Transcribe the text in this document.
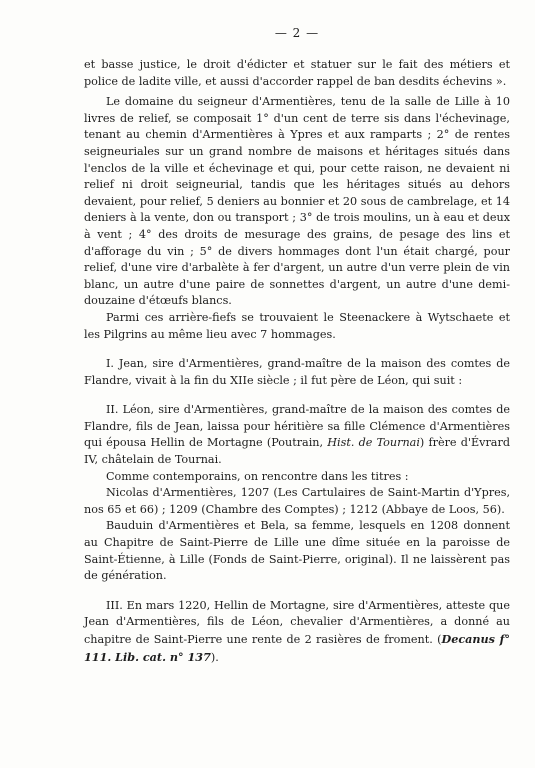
— 2 —

et basse justice, le droit d'édicter et statuer sur le fait des métiers et police de ladite ville, et aussi d'accorder rappel de ban desdits échevins ».

Le domaine du seigneur d'Armentières, tenu de la salle de Lille à 10 livres de relief, se composait 1° d'un cent de terre sis dans l'échevinage, tenant au chemin d'Armentières à Ypres et aux ramparts ; 2° de rentes seigneuriales sur un grand nombre de maisons et héritages situés dans l'enclos de la ville et échevinage et qui, pour cette raison, ne devaient ni relief ni droit seigneurial, tandis que les héritages situés au dehors devaient, pour relief, 5 deniers au bonnier et 20 sous de cambrelage, et 14 deniers à la vente, don ou transport ; 3° de trois moulins, un à eau et deux à vent ; 4° des droits de mesurage des grains, de pesage des lins et d'afforage du vin ; 5° de divers hommages dont l'un était chargé, pour relief, d'une vire d'arbalète à fer d'argent, un autre d'un verre plein de vin blanc, un autre d'une paire de sonnettes d'argent, un autre d'une demi-douzaine d'étœufs blancs.

Parmi ces arrière-fiefs se trouvaient le Steenackere à Wytschaete et les Pilgrins au même lieu avec 7 hommages.

I. Jean, sire d'Armentières, grand-maître de la maison des comtes de Flandre, vivait à la fin du XIIe siècle ; il fut père de Léon, qui suit :

II. Léon, sire d'Armentières, grand-maître de la maison des comtes de Flandre, fils de Jean, laissa pour héritière sa fille Clémence d'Armentières qui épousa Hellin de Mortagne (Poutrain, Hist. de Tournai) frère d'Évrard IV, châtelain de Tournai.

Comme contemporains, on rencontre dans les titres :

Nicolas d'Armentières, 1207 (Les Cartulaires de Saint-Martin d'Ypres, nos 65 et 66) ; 1209 (Chambre des Comptes) ; 1212 (Abbaye de Loos, 56).

Bauduin d'Armentières et Bela, sa femme, lesquels en 1208 donnent au Chapitre de Saint-Pierre de Lille une dîme située en la paroisse de Saint-Étienne, à Lille (Fonds de Saint-Pierre, original). Il ne laissèrent pas de génération.

III. En mars 1220, Hellin de Mortagne, sire d'Armentières, atteste que Jean d'Armentières, fils de Léon, chevalier d'Armentières, a donné au chapitre de Saint-Pierre une rente de 2 rasières de froment. (Decanus f° 111. Lib. cat. n° 137).
